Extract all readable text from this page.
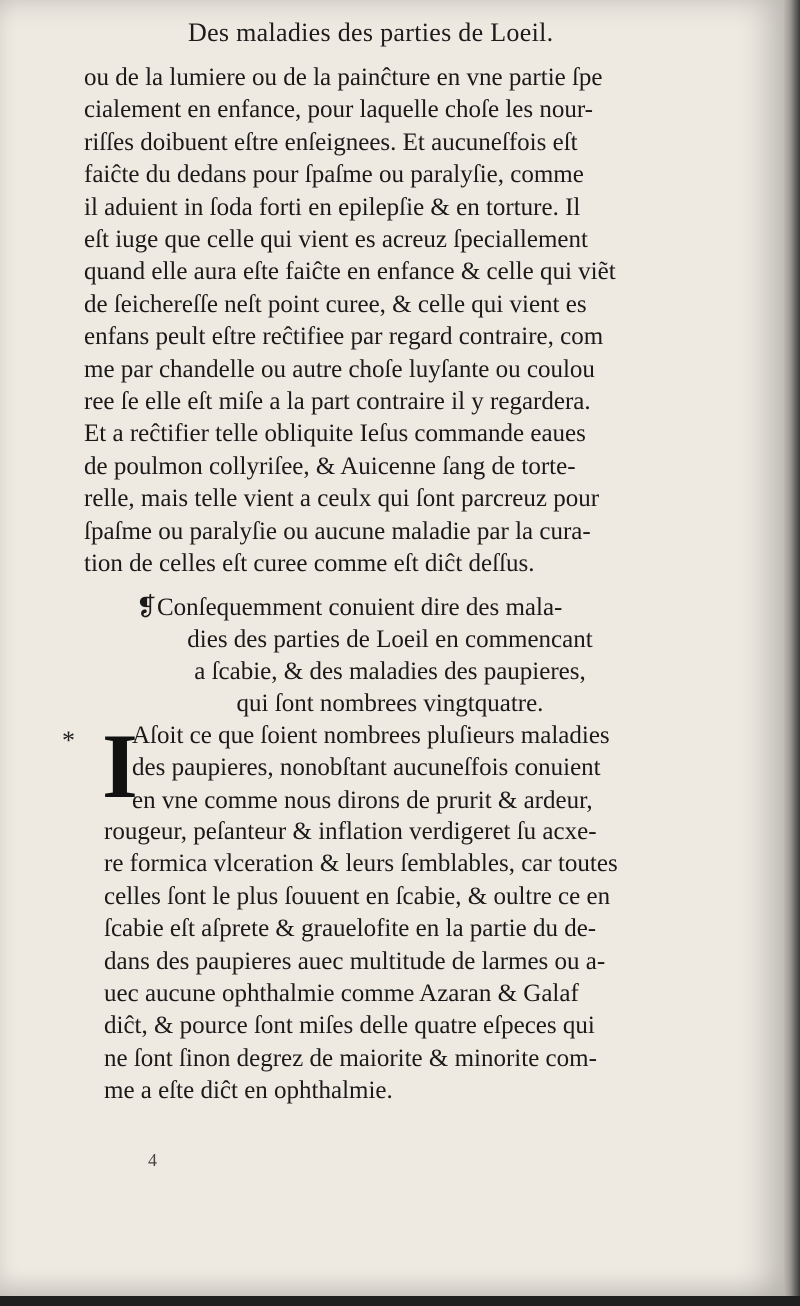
Des maladies des parties de Loeil.
ou de la lumiere ou de la painĉture en vne partie ſpe
cialement en enfance, pour laquelle choſe les nour-
riſſes doibuent eſtre enſeignees. Et aucuneſfois eſt
faiĉte du dedans pour ſpaſme ou paralyſie, comme
il aduient in ſoda forti en epilepſie & en torture. Il
eſt iuge que celle qui vient es acreuz ſpeciallement
quand elle aura eſte faiĉte en enfance & celle qui viẽt
de ſeichereſſe neſt point curee, & celle qui vient es
enfans peult eſtre reĉtifiee par regard contraire, com
me par chandelle ou autre choſe luyſante ou coulou
ree ſe elle eſt miſe a la part contraire il y regardera.
Et a reĉtifier telle obliquite Ieſus commande eaues
de poulmon collyriſee, & Auicenne ſang de torte-
relle, mais telle vient a ceulx qui ſont parcreuz pour
ſpaſme ou paralyſie ou aucune maladie par la cura-
tion de celles eſt curee comme eſt diĉt deſſus.
❡Conſequemment conuient dire des mala-
dies des parties de Loeil en commencant
a ſcabie, & des maladies des paupieres,
qui ſont nombrees vingtquatre.
* I
Aſoit ce que ſoient nombrees pluſieurs maladies
des paupieres, nonobſtant aucuneſfois conuient
en vne comme nous dirons de prurit & ardeur,
rougeur, peſanteur & inflation verdigeret ſu acxe-
re formica vlceration & leurs ſemblables, car toutes
celles ſont le plus ſouuent en ſcabie, & oultre ce en
ſcabie eſt aſprete & grauelofite en la partie du de-
dans des paupieres auec multitude de larmes ou a-
uec aucune ophthalmie comme Azaran & Galaf
diĉt, & pource ſont miſes delle quatre eſpeces qui
ne ſont ſinon degrez de maiorite & minorite com-
me a eſte diĉt en ophthalmie.
4
